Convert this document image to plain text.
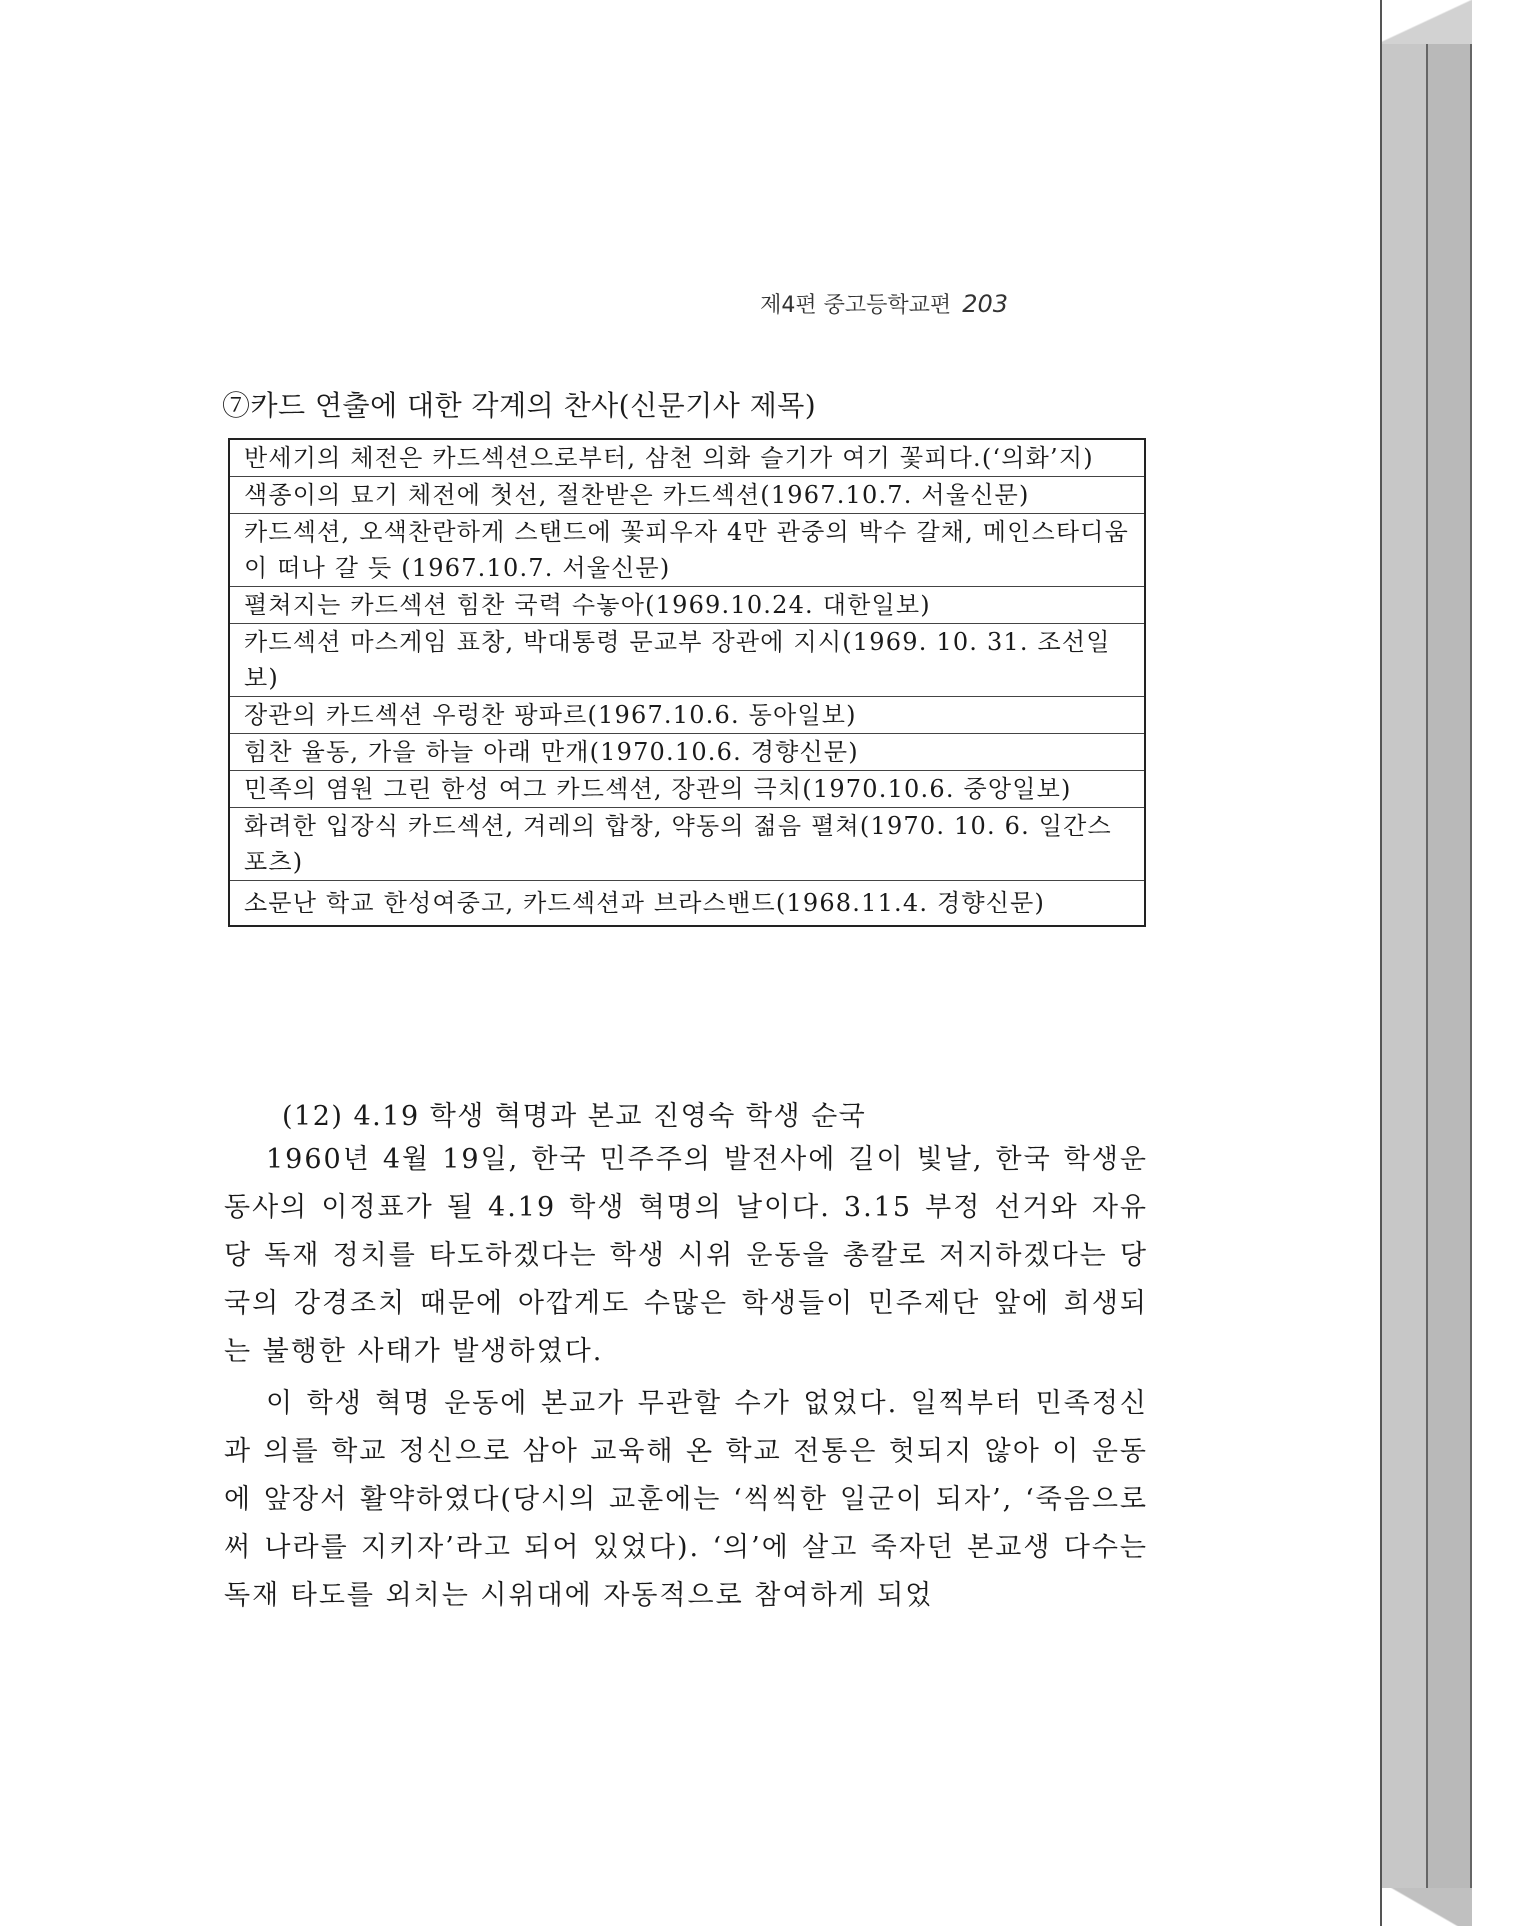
제4편 중고등학교편 203
⑦카드 연출에 대한 각계의 찬사(신문기사 제목)
반세기의 체전은 카드섹션으로부터, 삼천 의화 슬기가 여기 꽃피다.(‘의화’지)
색종이의 묘기 체전에 첫선, 절찬받은 카드섹션(1967.10.7. 서울신문)
카드섹션, 오색찬란하게 스탠드에 꽃피우자 4만 관중의 박수 갈채, 메인스타디움이 떠나 갈 듯 (1967.10.7. 서울신문)
펼쳐지는 카드섹션 힘찬 국력 수놓아(1969.10.24. 대한일보)
카드섹션 마스게임 표창, 박대통령 문교부 장관에 지시(1969. 10. 31. 조선일보)
장관의 카드섹션 우렁찬 팡파르(1967.10.6. 동아일보)
힘찬 율동, 가을 하늘 아래 만개(1970.10.6. 경향신문)
민족의 염원 그린 한성 여그 카드섹션, 장관의 극치(1970.10.6. 중앙일보)
화려한 입장식 카드섹션, 겨레의 합창, 약동의 젊음 펼쳐(1970. 10. 6. 일간스포츠)
소문난 학교 한성여중고, 카드섹션과 브라스밴드(1968.11.4. 경향신문)
(12) 4.19 학생 혁명과 본교 진영숙 학생 순국

1960년 4월 19일, 한국 민주주의 발전사에 길이 빛날, 한국 학생운동사의 이정표가 될 4.19 학생 혁명의 날이다. 3.15 부정 선거와 자유당 독재 정치를 타도하겠다는 학생 시위 운동을 총칼로 저지하겠다는 당국의 강경조치 때문에 아깝게도 수많은 학생들이 민주제단 앞에 희생되는 불행한 사태가 발생하였다.

이 학생 혁명 운동에 본교가 무관할 수가 없었다. 일찍부터 민족정신과 의를 학교 정신으로 삼아 교육해 온 학교 전통은 헛되지 않아 이 운동에 앞장서 활약하였다(당시의 교훈에는 ‘씩씩한 일군이 되자’, ‘죽음으로써 나라를 지키자’라고 되어 있었다). ‘의’에 살고 죽자던 본교생 다수는 독재 타도를 외치는 시위대에 자동적으로 참여하게 되었
